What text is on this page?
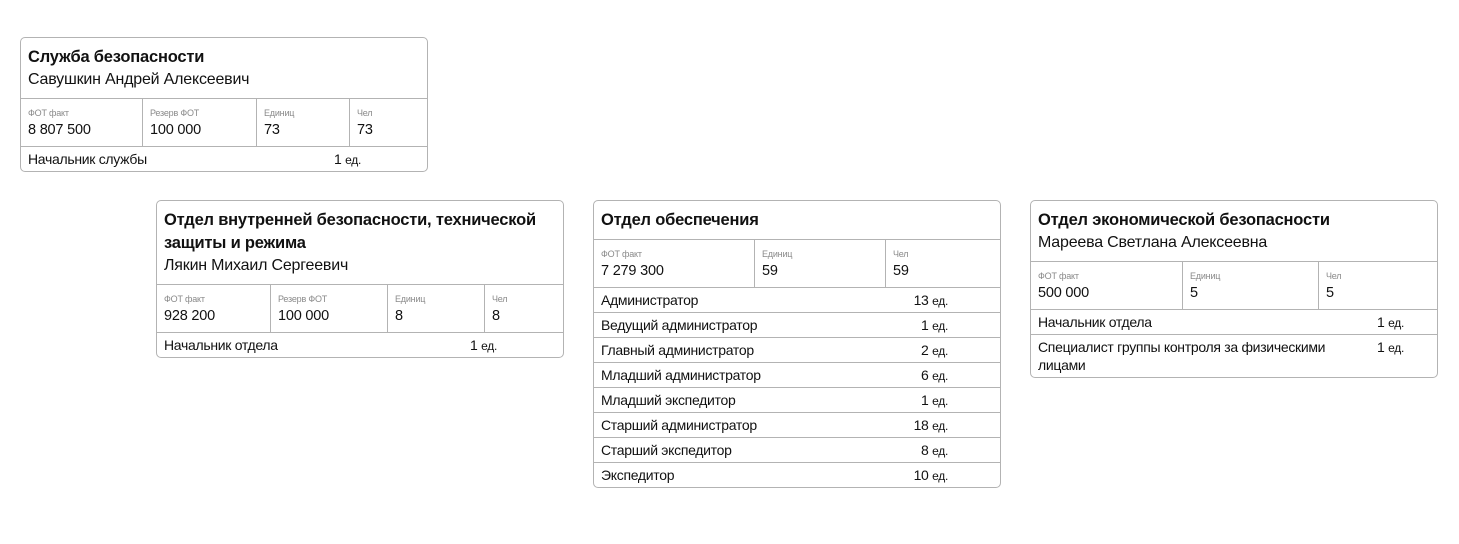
Служба безопасности
Савушкин Андрей Алексеевич
ФОТ факт
8 807 500
Резерв ФОТ
100 000
Единиц
73
Чел
73
Начальник службы	1 ед.
Отдел внутренней безопасности, технической защиты и режима
Лякин Михаил Сергеевич
ФОТ факт
928 200
Резерв ФОТ
100 000
Единиц
8
Чел
8
Начальник отдела	1 ед.
Отдел обеспечения
ФОТ факт
7 279 300
Единиц
59
Чел
59
Администратор	13 ед.
Ведущий администратор	1 ед.
Главный администратор	2 ед.
Младший администратор	6 ед.
Младший экспедитор	1 ед.
Старший администратор	18 ед.
Старший экспедитор	8 ед.
Экспедитор	10 ед.
Отдел экономической безопасности
Мареева Светлана Алексеевна
ФОТ факт
500 000
Единиц
5
Чел
5
Начальник отдела	1 ед.
Специалист группы контроля за физическими лицами
1 ед.
